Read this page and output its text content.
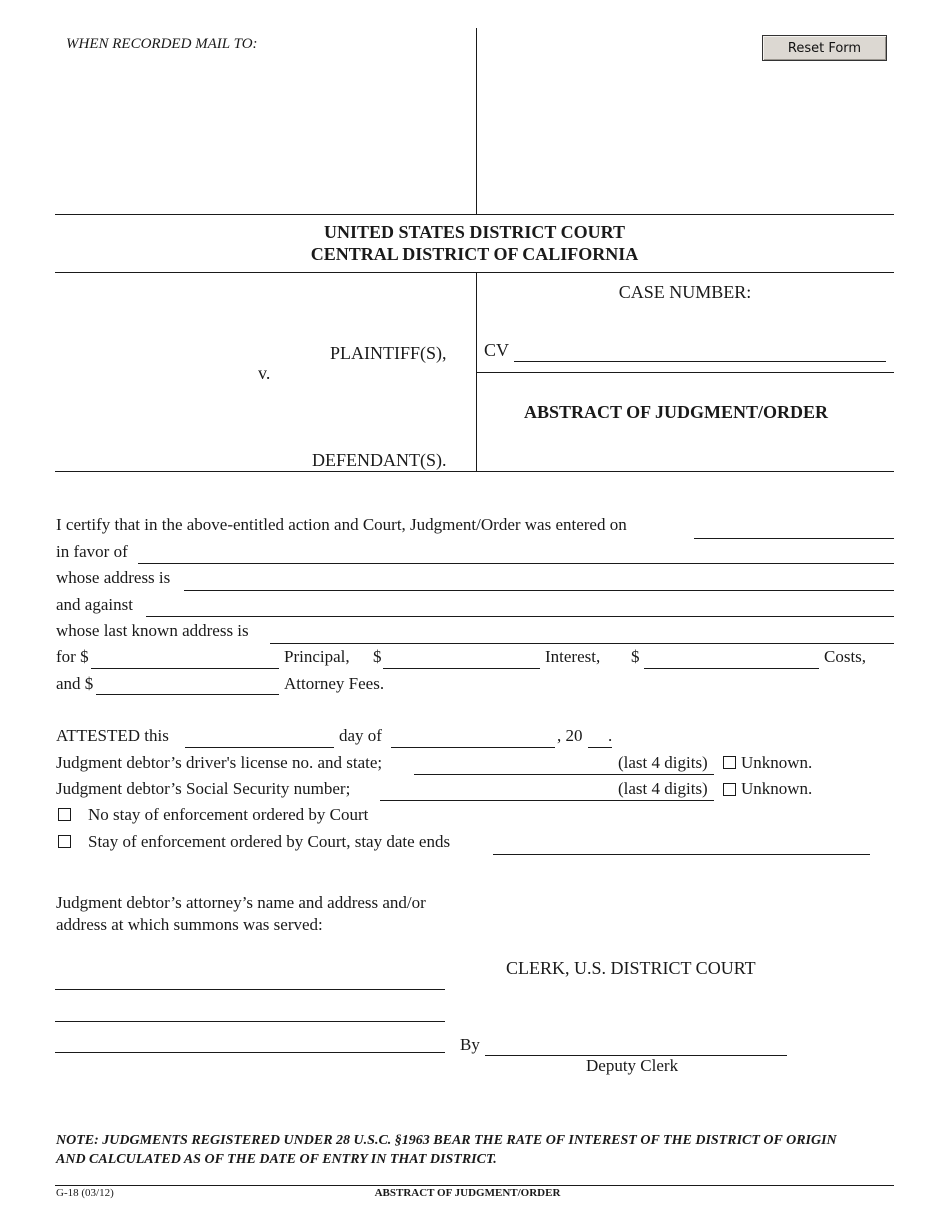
WHEN RECORDED MAIL TO:	Reset Form
UNITED STATES DISTRICT COURT
CENTRAL DISTRICT OF CALIFORNIA
PLAINTIFF(S),
v.
DEFENDANT(S).
CASE NUMBER:
CV
ABSTRACT OF JUDGMENT/ORDER
I certify that in the above-entitled action and Court, Judgment/Order was entered on
in favor of
whose address is
and against
whose last known address is
for $	Principal, $	Interest, $	Costs,
and $	Attorney Fees.
ATTESTED this	day of	, 20 .
Judgment debtor’s driver's license no. and state;	(last 4 digits) Unknown.
Judgment debtor’s Social Security number;	(last 4 digits) Unknown.
No stay of enforcement ordered by Court
Stay of enforcement ordered by Court, stay date ends
Judgment debtor’s attorney’s name and address and/or
address at which summons was served:
CLERK, U.S. DISTRICT COURT
By
Deputy Clerk
NOTE: JUDGMENTS REGISTERED UNDER 28 U.S.C. §1963 BEAR THE RATE OF INTEREST OF THE DISTRICT OF ORIGIN
AND CALCULATED AS OF THE DATE OF ENTRY IN THAT DISTRICT.
G-18 (03/12)	ABSTRACT OF JUDGMENT/ORDER
